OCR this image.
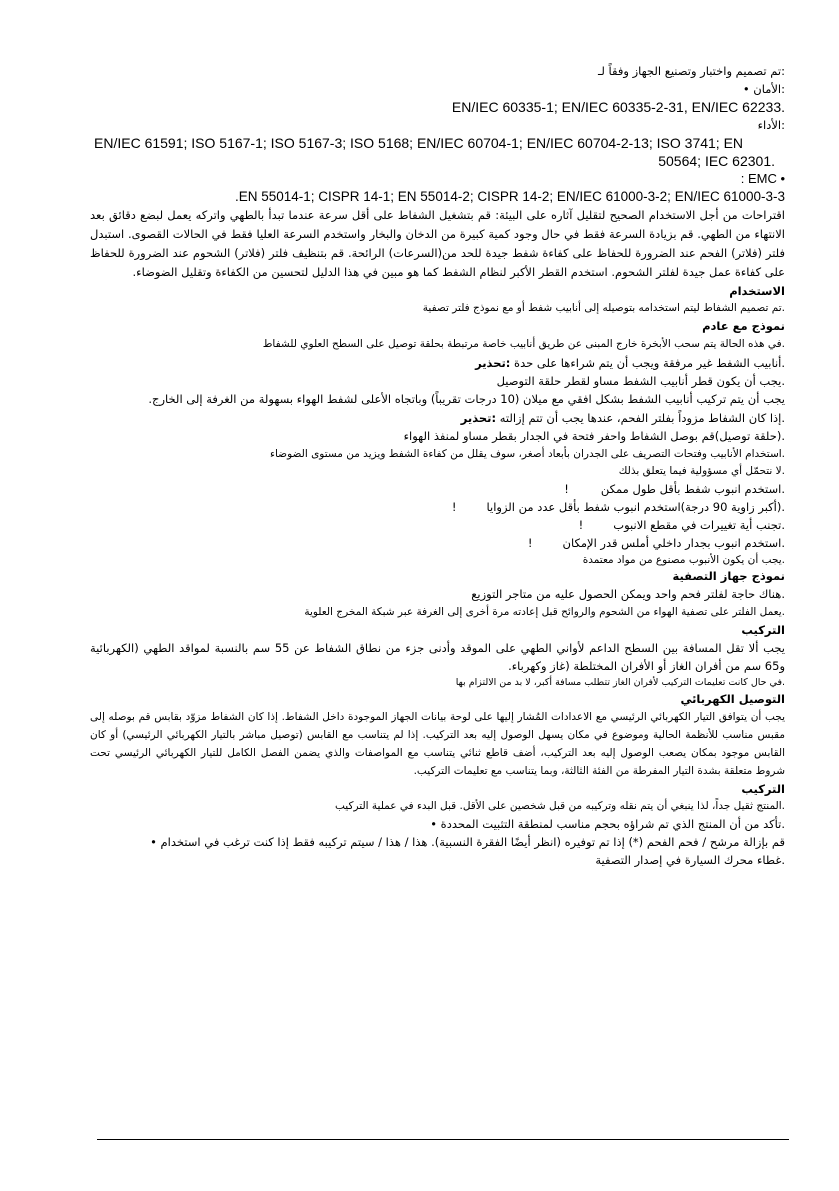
:تم تصميم واختبار وتصنيع الجهاز وفقاً لـ

:الأمان •

EN/IEC 60335-1; EN/IEC 60335-2-31, EN/IEC 62233.

:الأداء

EN/IEC 61591; ISO 5167-1; ISO 5167-3; ISO 5168; EN/IEC 60704-1; EN/IEC 60704-2-13; ISO 3741; EN

50564; IEC 62301.

: EMC •

.EN 55014-1; CISPR 14-1; EN 55014-2; CISPR 14-2; EN/IEC 61000-3-2; EN/IEC 61000-3-3

اقتراحات من أجل الاستخدام الصحيح لتقليل آثاره على البيئة: قم بتشغيل الشفاط على أقل سرعة عندما تبدأ بالطهي واتركه يعمل لبضع دقائق بعد الانتهاء من الطهي. قم بزيادة السرعة فقط في حال وجود كمية كبيرة من الدخان والبخار واستخدم السرعة العليا فقط في الحالات القصوى. استبدل فلتر (فلاتر) الفحم عند الضرورة للحفاظ على كفاءة شفط جيدة للحد من(السرعات) الرائحة. قم بتنظيف فلتر (فلاتر) الشحوم عند الضرورة للحفاظ على كفاءة عمل جيدة لفلتر الشحوم. استخدم القطر الأكبر لنظام الشفط كما هو مبين في هذا الدليل لتحسين من الكفاءة وتقليل الضوضاء.

الاستخدام

.تم تصميم الشفاط ليتم استخدامه بتوصيله إلى أنابيب شفط أو مع نموذج فلتر تصفية

نموذج مع عادم

.في هذه الحالة يتم سحب الأبخرة خارج المبنى عن طريق أنابيب خاصة مرتبطة بحلقة توصيل على السطح العلوي للشفاط

.أنابيب الشفط غير مرفقة ويجب أن يتم شراءها على حدة :تحذير

.يجب أن يكون قطر أنابيب الشفط مساو لقطر حلقة التوصيل

يجب أن يتم تركيب أنابيب الشفط بشكل افقي مع ميلان (10 درجات تقريباً) وباتجاه الأعلى لشفط الهواء بسهولة من الغرفة إلى الخارج.

.إذا كان الشفاط مزوداً بفلتر الفحم، عندها يجب أن تتم إزالته :تحذير

.(حلقة توصيل)قم بوصل الشفاط واحفر فتحة في الجدار بقطر مساو لمنفذ الهواء

.استخدام الأنابيب وفتحات التصريف على الجدران بأبعاد أصغر، سوف يقلل من كفاءة الشفط ويزيد من مستوى الضوضاء

.لا نتحمّل أي مسؤولية فيما يتعلق بذلك

.استخدم انبوب شفط بأقل طول ممكن!

.(أكبر زاوية 90 درجة)استخدم انبوب شفط بأقل عدد من الزوايا!

.تجنب أية تغييرات في مقطع الانبوب!

.استخدم انبوب بجدار داخلي أملس قدر الإمكان!

.يجب أن يكون الأنبوب مصنوع من مواد معتمدة

نموذج جهاز التصفية

.هناك حاجة لفلتر فحم واحد ويمكن الحصول عليه من متاجر التوزيع

.يعمل الفلتر على تصفية الهواء من الشحوم والروائح قبل إعادته مرة أخرى إلى الغرفة عبر شبكة المخرج العلوية

التركيب

يجب ألا تقل المسافة بين السطح الداعم لأواني الطهي على الموقد وأدنى جزء من نطاق الشفاط عن 55 سم بالنسبة لمواقد الطهي (الكهربائية و65 سم من أفران الغاز أو الأفران المختلطة (غاز وكهرباء.

.في حال كانت تعليمات التركيب لأفران الغاز تتطلب مسافة أكبر، لا بد من الالتزام بها

التوصيل الكهربائي

يجب أن يتوافق التيار الكهربائي الرئيسي مع الاعدادات المُشار إليها على لوحة بيانات الجهاز الموجودة داخل الشفاط. إذا كان الشفاط مزوّد بقابس قم بوصله إلى مقبس مناسب للأنظمة الحالية وموضوع في مكان يسهل الوصول إليه بعد التركيب. إذا لم يتناسب مع القابس (توصيل مباشر بالتيار الكهربائي الرئيسي) أو كان القابس موجود بمكان يصعب الوصول إليه بعد التركيب، أضف قاطع ثنائي يتناسب مع المواصفات والذي يضمن الفصل الكامل للتيار الكهربائي الرئيسي تحت شروط متعلقة بشدة التيار المفرطة من الفئة الثالثة، وبما يتناسب مع تعليمات التركيب.

التركيب

.المنتج ثقيل جداً، لذا ينبغي أن يتم نقله وتركيبه من قبل شخصين على الأقل. قبل البدء في عملية التركيب

.تأكد من أن المنتج الذي تم شراؤه بحجم مناسب لمنطقة التثبيت المحددة •

قم بإزالة مرشح / فحم الفحم (*) إذا تم توفيره (انظر أيضًا الفقرة النسبية). هذا / هذا / سيتم تركيبه فقط إذا كنت ترغب في استخدام •

.غطاء محرك السيارة في إصدار التصفية
